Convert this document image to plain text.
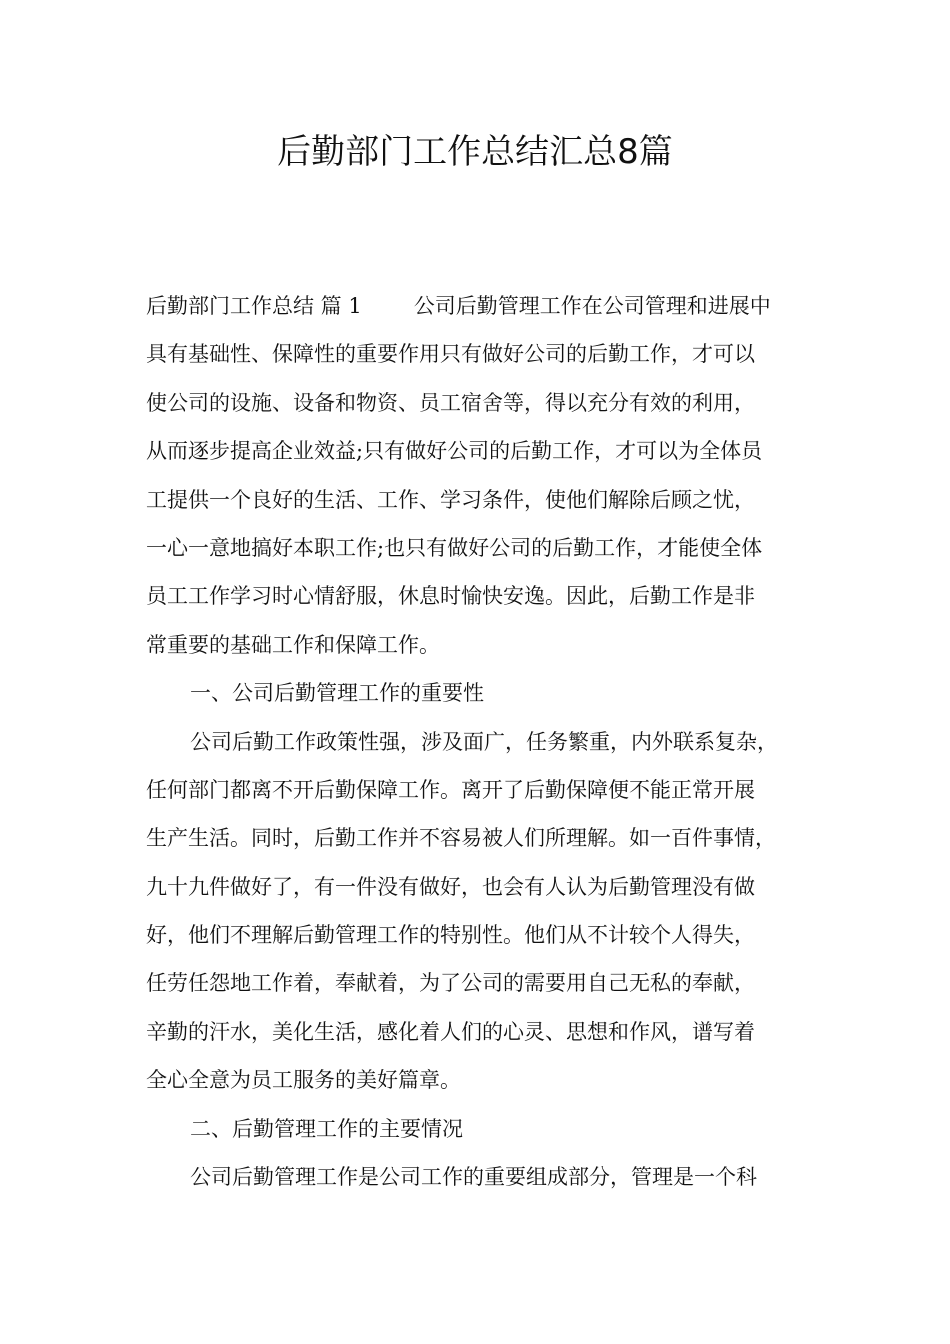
后勤部门工作总结汇总8篇
后勤部门工作总结 篇 1 公司后勤管理工作在公司管理和进展中
具有基础性、保障性的重要作用只有做好公司的后勤工作，才可以
使公司的设施、设备和物资、员工宿舍等，得以充分有效的利用，
从而逐步提高企业效益;只有做好公司的后勤工作，才可以为全体员
工提供一个良好的生活、工作、学习条件，使他们解除后顾之忧，
一心一意地搞好本职工作;也只有做好公司的后勤工作，才能使全体
员工工作学习时心情舒服，休息时愉快安逸。因此，后勤工作是非
常重要的基础工作和保障工作。
一、公司后勤管理工作的重要性
公司后勤工作政策性强，涉及面广，任务繁重，内外联系复杂，
任何部门都离不开后勤保障工作。离开了后勤保障便不能正常开展
生产生活。同时，后勤工作并不容易被人们所理解。如一百件事情，
九十九件做好了，有一件没有做好，也会有人认为后勤管理没有做
好，他们不理解后勤管理工作的特别性。他们从不计较个人得失，
任劳任怨地工作着，奉献着，为了公司的需要用自己无私的奉献，
辛勤的汗水，美化生活，感化着人们的心灵、思想和作风，谱写着
全心全意为员工服务的美好篇章。
二、后勤管理工作的主要情况
公司后勤管理工作是公司工作的重要组成部分，管理是一个科
